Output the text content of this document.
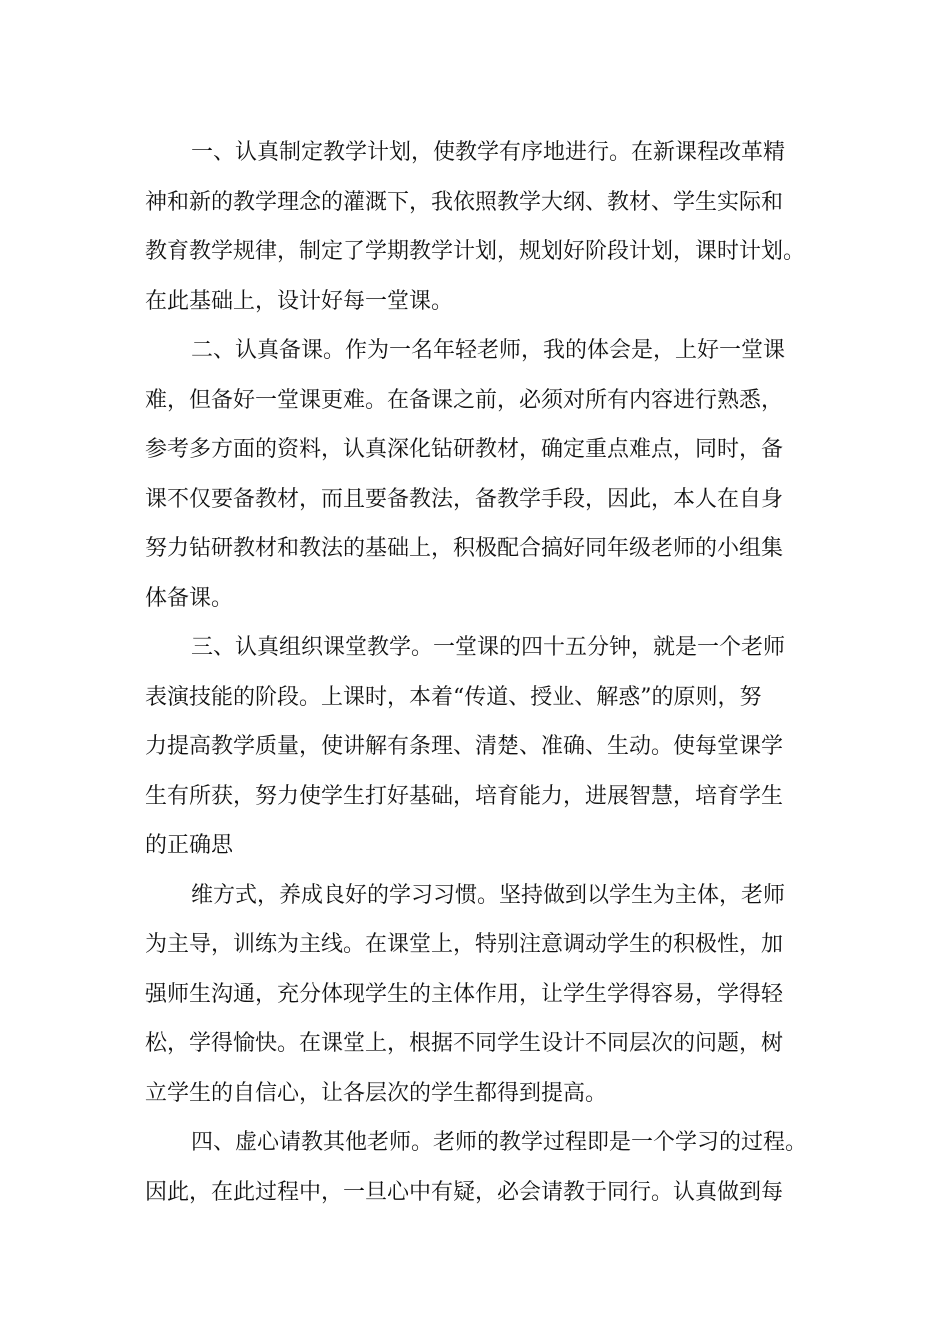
一、认真制定教学计划，使教学有序地进行。在新课程改革精
神和新的教学理念的灌溉下，我依照教学大纲、教材、学生实际和
教育教学规律，制定了学期教学计划，规划好阶段计划，课时计划。
在此基础上，设计好每一堂课。
二、认真备课。作为一名年轻老师，我的体会是，上好一堂课
难，但备好一堂课更难。在备课之前，必须对所有内容进行熟悉，
参考多方面的资料，认真深化钻研教材，确定重点难点，同时，备
课不仅要备教材，而且要备教法，备教学手段，因此，本人在自身
努力钻研教材和教法的基础上，积极配合搞好同年级老师的小组集
体备课。
三、认真组织课堂教学。一堂课的四十五分钟，就是一个老师
表演技能的阶段。上课时，本着“传道、授业、解惑”的原则，努
力提高教学质量，使讲解有条理、清楚、准确、生动。使每堂课学
生有所获，努力使学生打好基础，培育能力，进展智慧，培育学生
的正确思
维方式，养成良好的学习习惯。坚持做到以学生为主体，老师
为主导，训练为主线。在课堂上，特别注意调动学生的积极性，加
强师生沟通，充分体现学生的主体作用，让学生学得容易，学得轻
松，学得愉快。在课堂上，根据不同学生设计不同层次的问题，树
立学生的自信心，让各层次的学生都得到提高。
四、虚心请教其他老师。老师的教学过程即是一个学习的过程。
因此，在此过程中，一旦心中有疑，必会请教于同行。认真做到每
